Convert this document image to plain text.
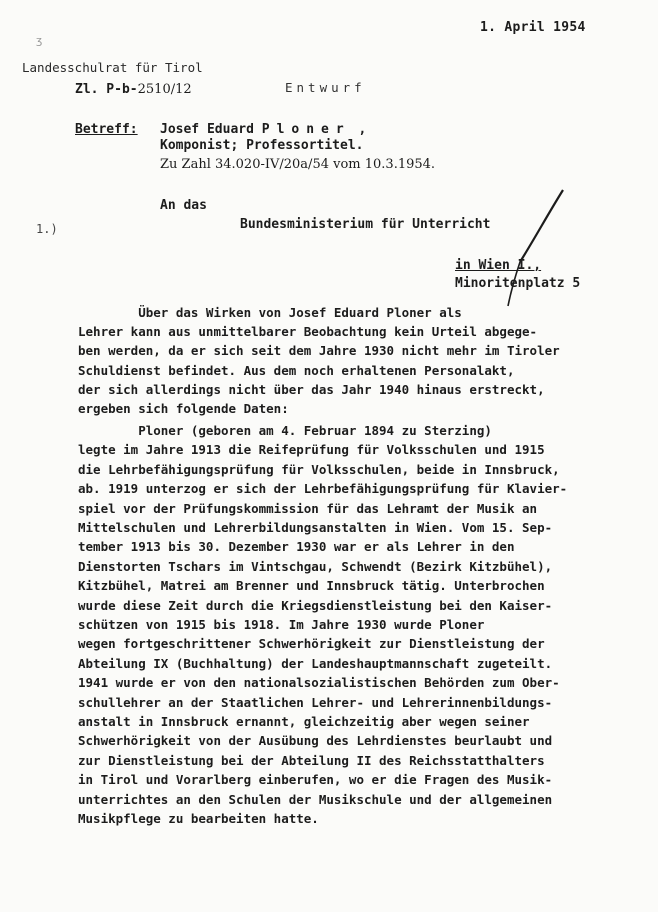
1. April 1954
ʒ
Landesschulrat für Tirol
Zl. P-b-2510/12	Entwurf
Betreff: Josef Eduard Ploner ,
Komponist; Professortitel.
Zu Zahl 34.020-IV/20a/54 vom 10.3.1954.
An das
1.)	Bundesministerium für Unterricht
in Wien I.,
Minoritenplatz 5
Über das Wirken von Josef Eduard Ploner als
Lehrer kann aus unmittelbarer Beobachtung kein Urteil abgege-
ben werden, da er sich seit dem Jahre 1930 nicht mehr im Tiroler
Schuldienst befindet. Aus dem noch erhaltenen Personalakt,
der sich allerdings nicht über das Jahr 1940 hinaus erstreckt,
ergeben sich folgende Daten:
Ploner (geboren am 4. Februar 1894 zu Sterzing)
legte im Jahre 1913 die Reifeprüfung für Volksschulen und 1915
die Lehrbefähigungsprüfung für Volksschulen, beide in Innsbruck,
ab. 1919 unterzog er sich der Lehrbefähigungsprüfung für Klavier-
spiel vor der Prüfungskommission für das Lehramt der Musik an
Mittelschulen und Lehrerbildungsanstalten in Wien. Vom 15. Sep-
tember 1913 bis 30. Dezember 1930 war er als Lehrer in den
Dienstorten Tschars im Vintschgau, Schwendt (Bezirk Kitzbühel),
Kitzbühel, Matrei am Brenner und Innsbruck tätig. Unterbrochen
wurde diese Zeit durch die Kriegsdienstleistung bei den Kaiser-
schützen von 1915 bis 1918. Im Jahre 1930 wurde Ploner
wegen fortgeschrittener Schwerhörigkeit zur Dienstleistung der
Abteilung IX (Buchhaltung) der Landeshauptmannschaft zugeteilt.
1941 wurde er von den nationalsozialistischen Behörden zum Ober-
schullehrer an der Staatlichen Lehrer- und Lehrerinnenbildungs-
anstalt in Innsbruck ernannt, gleichzeitig aber wegen seiner
Schwerhörigkeit von der Ausübung des Lehrdienstes beurlaubt und
zur Dienstleistung bei der Abteilung II des Reichsstatthalters
in Tirol und Vorarlberg einberufen, wo er die Fragen des Musik-
unterrichtes an den Schulen der Musikschule und der allgemeinen
Musikpflege zu bearbeiten hatte.
